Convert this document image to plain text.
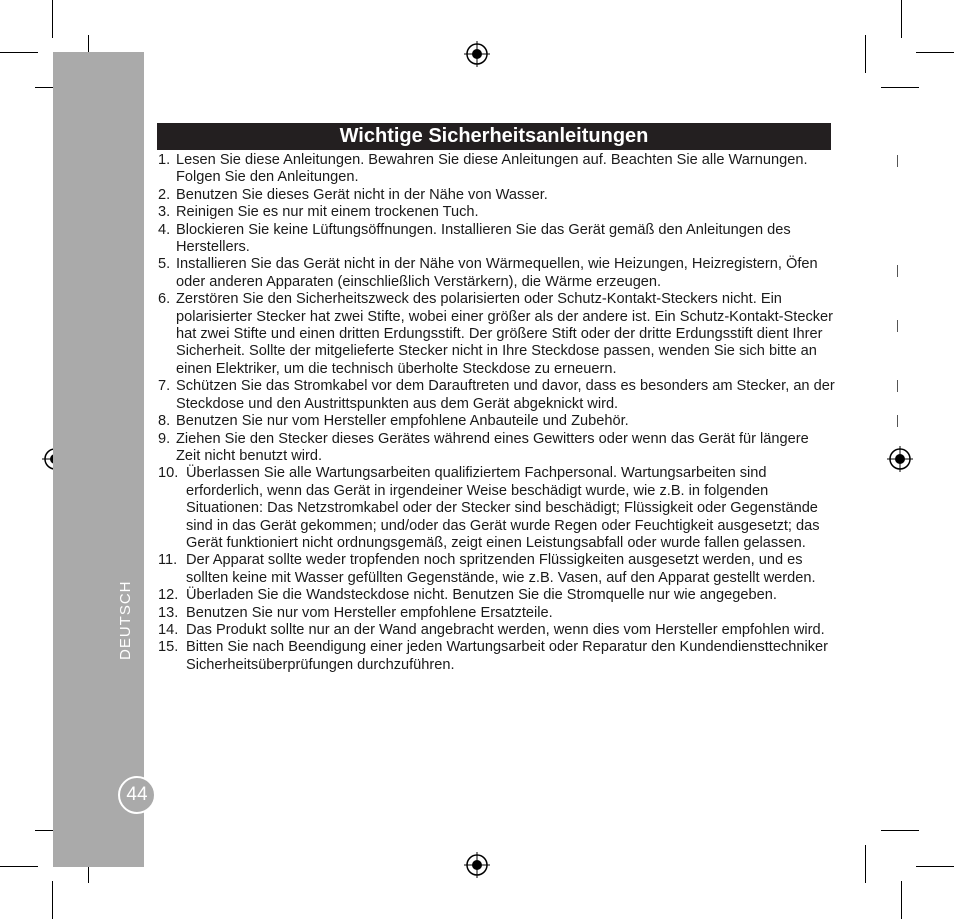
DEUTSCH
44
Wichtige Sicherheitsanleitungen
1. Lesen Sie diese Anleitungen. Bewahren Sie diese Anleitungen auf. Beachten Sie alle Warnungen. Folgen Sie den Anleitungen.
2. Benutzen Sie dieses Gerät nicht in der Nähe von Wasser.
3. Reinigen Sie es nur mit einem trockenen Tuch.
4. Blockieren Sie keine Lüftungsöffnungen. Installieren Sie das Gerät gemäß den Anleitungen des Herstellers.
5. Installieren Sie das Gerät nicht in der Nähe von Wärmequellen, wie Heizungen, Heizregistern, Öfen oder anderen Apparaten (einschließlich Verstärkern), die Wärme erzeugen.
6. Zerstören Sie den Sicherheitszweck des polarisierten oder Schutz-Kontakt-Steckers nicht. Ein polarisierter Stecker hat zwei Stifte, wobei einer größer als der andere ist. Ein Schutz-Kontakt-Stecker hat zwei Stifte und einen dritten Erdungsstift. Der größere Stift oder der dritte Erdungsstift dient Ihrer Sicherheit. Sollte der mitgelieferte Stecker nicht in Ihre Steckdose passen, wenden Sie sich bitte an einen Elektriker, um die technisch überholte Steckdose zu erneuern.
7. Schützen Sie das Stromkabel vor dem Darauftreten und davor, dass es besonders am Stecker, an der Steckdose und den Austrittspunkten aus dem Gerät abgeknickt wird.
8. Benutzen Sie nur vom Hersteller empfohlene Anbauteile und Zubehör.
9. Ziehen Sie den Stecker dieses Gerätes während eines Gewitters oder wenn das Gerät für längere Zeit nicht benutzt wird.
10. Überlassen Sie alle Wartungsarbeiten qualifiziertem Fachpersonal. Wartungsarbeiten sind erforderlich, wenn das Gerät in irgendeiner Weise beschädigt wurde, wie z.B. in folgenden Situationen: Das Netzstromkabel oder der Stecker sind beschädigt; Flüssigkeit oder Gegenstände sind in das Gerät gekommen; und/oder das Gerät wurde Regen oder Feuchtigkeit ausgesetzt; das Gerät funktioniert nicht ordnungsgemäß, zeigt einen Leistungsabfall oder wurde fallen gelassen.
11. Der Apparat sollte weder tropfenden noch spritzenden Flüssigkeiten ausgesetzt werden, und es sollten keine mit Wasser gefüllten Gegenstände, wie z.B. Vasen, auf den Apparat gestellt werden.
12. Überladen Sie die Wandsteckdose nicht. Benutzen Sie die Stromquelle nur wie angegeben.
13. Benutzen Sie nur vom Hersteller empfohlene Ersatzteile.
14. Das Produkt sollte nur an der Wand angebracht werden, wenn dies vom Hersteller empfohlen wird.
15. Bitten Sie nach Beendigung einer jeden Wartungsarbeit oder Reparatur den Kundendiensttechniker Sicherheitsüberprüfungen durchzuführen.
